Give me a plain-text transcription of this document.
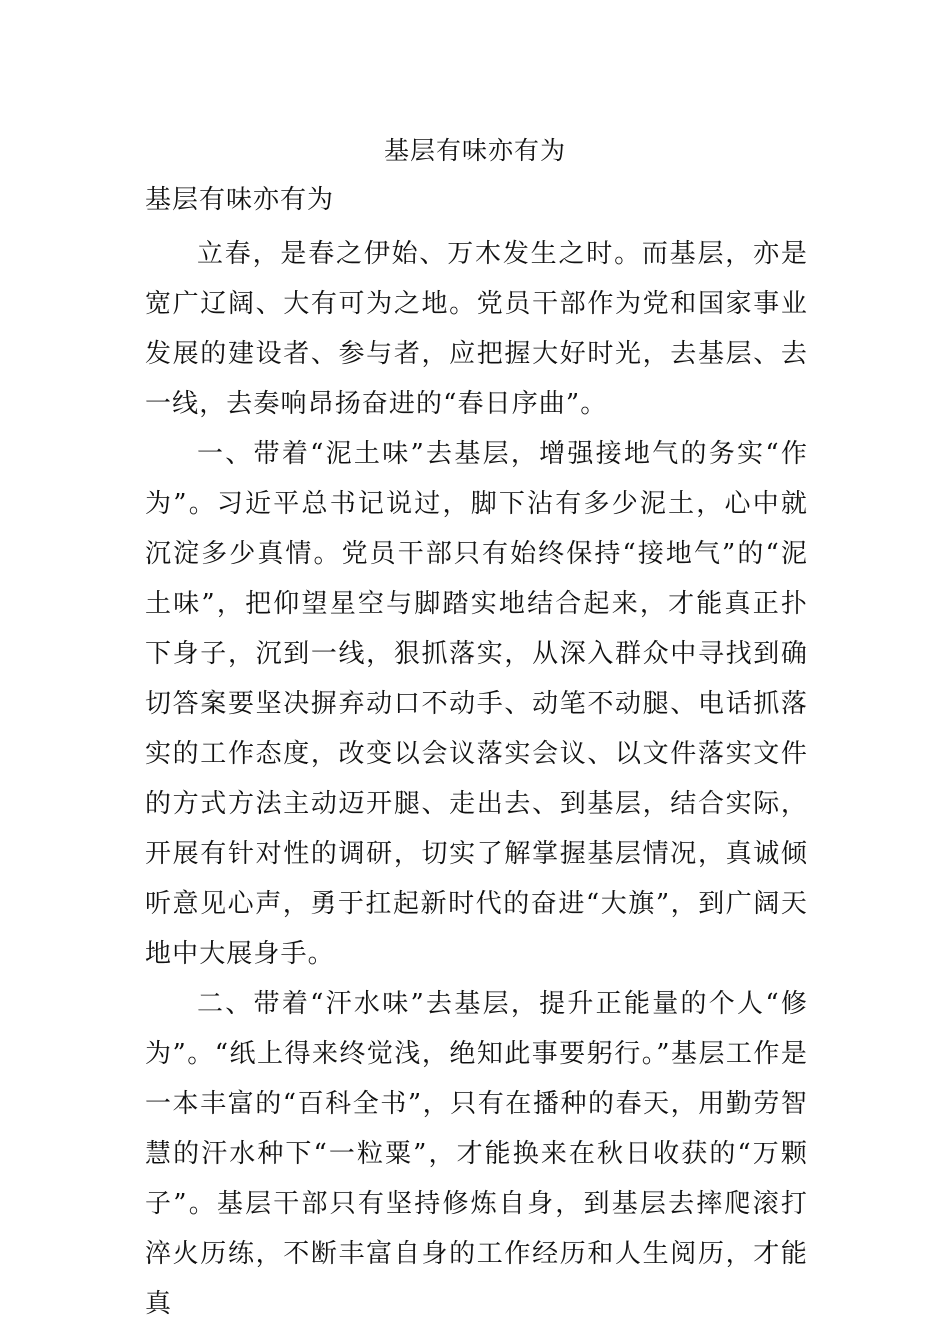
基层有味亦有为
基层有味亦有为

立春，是春之伊始、万木发生之时。而基层，亦是宽广辽阔、大有可为之地。党员干部作为党和国家事业发展的建设者、参与者，应把握大好时光，去基层、去一线，去奏响昂扬奋进的“春日序曲”。

一、带着“泥土味”去基层，增强接地气的务实“作为”。习近平总书记说过，脚下沾有多少泥土，心中就沉淀多少真情。党员干部只有始终保持“接地气”的“泥土味”，把仰望星空与脚踏实地结合起来，才能真正扑下身子，沉到一线，狠抓落实，从深入群众中寻找到确切答案要坚决摒弃动口不动手、动笔不动腿、电话抓落实的工作态度，改变以会议落实会议、以文件落实文件的方式方法主动迈开腿、走出去、到基层，结合实际，开展有针对性的调研，切实了解掌握基层情况，真诚倾听意见心声，勇于扛起新时代的奋进“大旗”，到广阔天地中大展身手。

二、带着“汗水味”去基层，提升正能量的个人“修为”。“纸上得来终觉浅，绝知此事要躬行。”基层工作是一本丰富的“百科全书”，只有在播种的春天，用勤劳智慧的汗水种下“一粒粟”，才能换来在秋日收获的“万颗子”。基层干部只有坚持修炼自身，到基层去摔爬滚打淬火历练，不断丰富自身的工作经历和人生阅历，才能真
